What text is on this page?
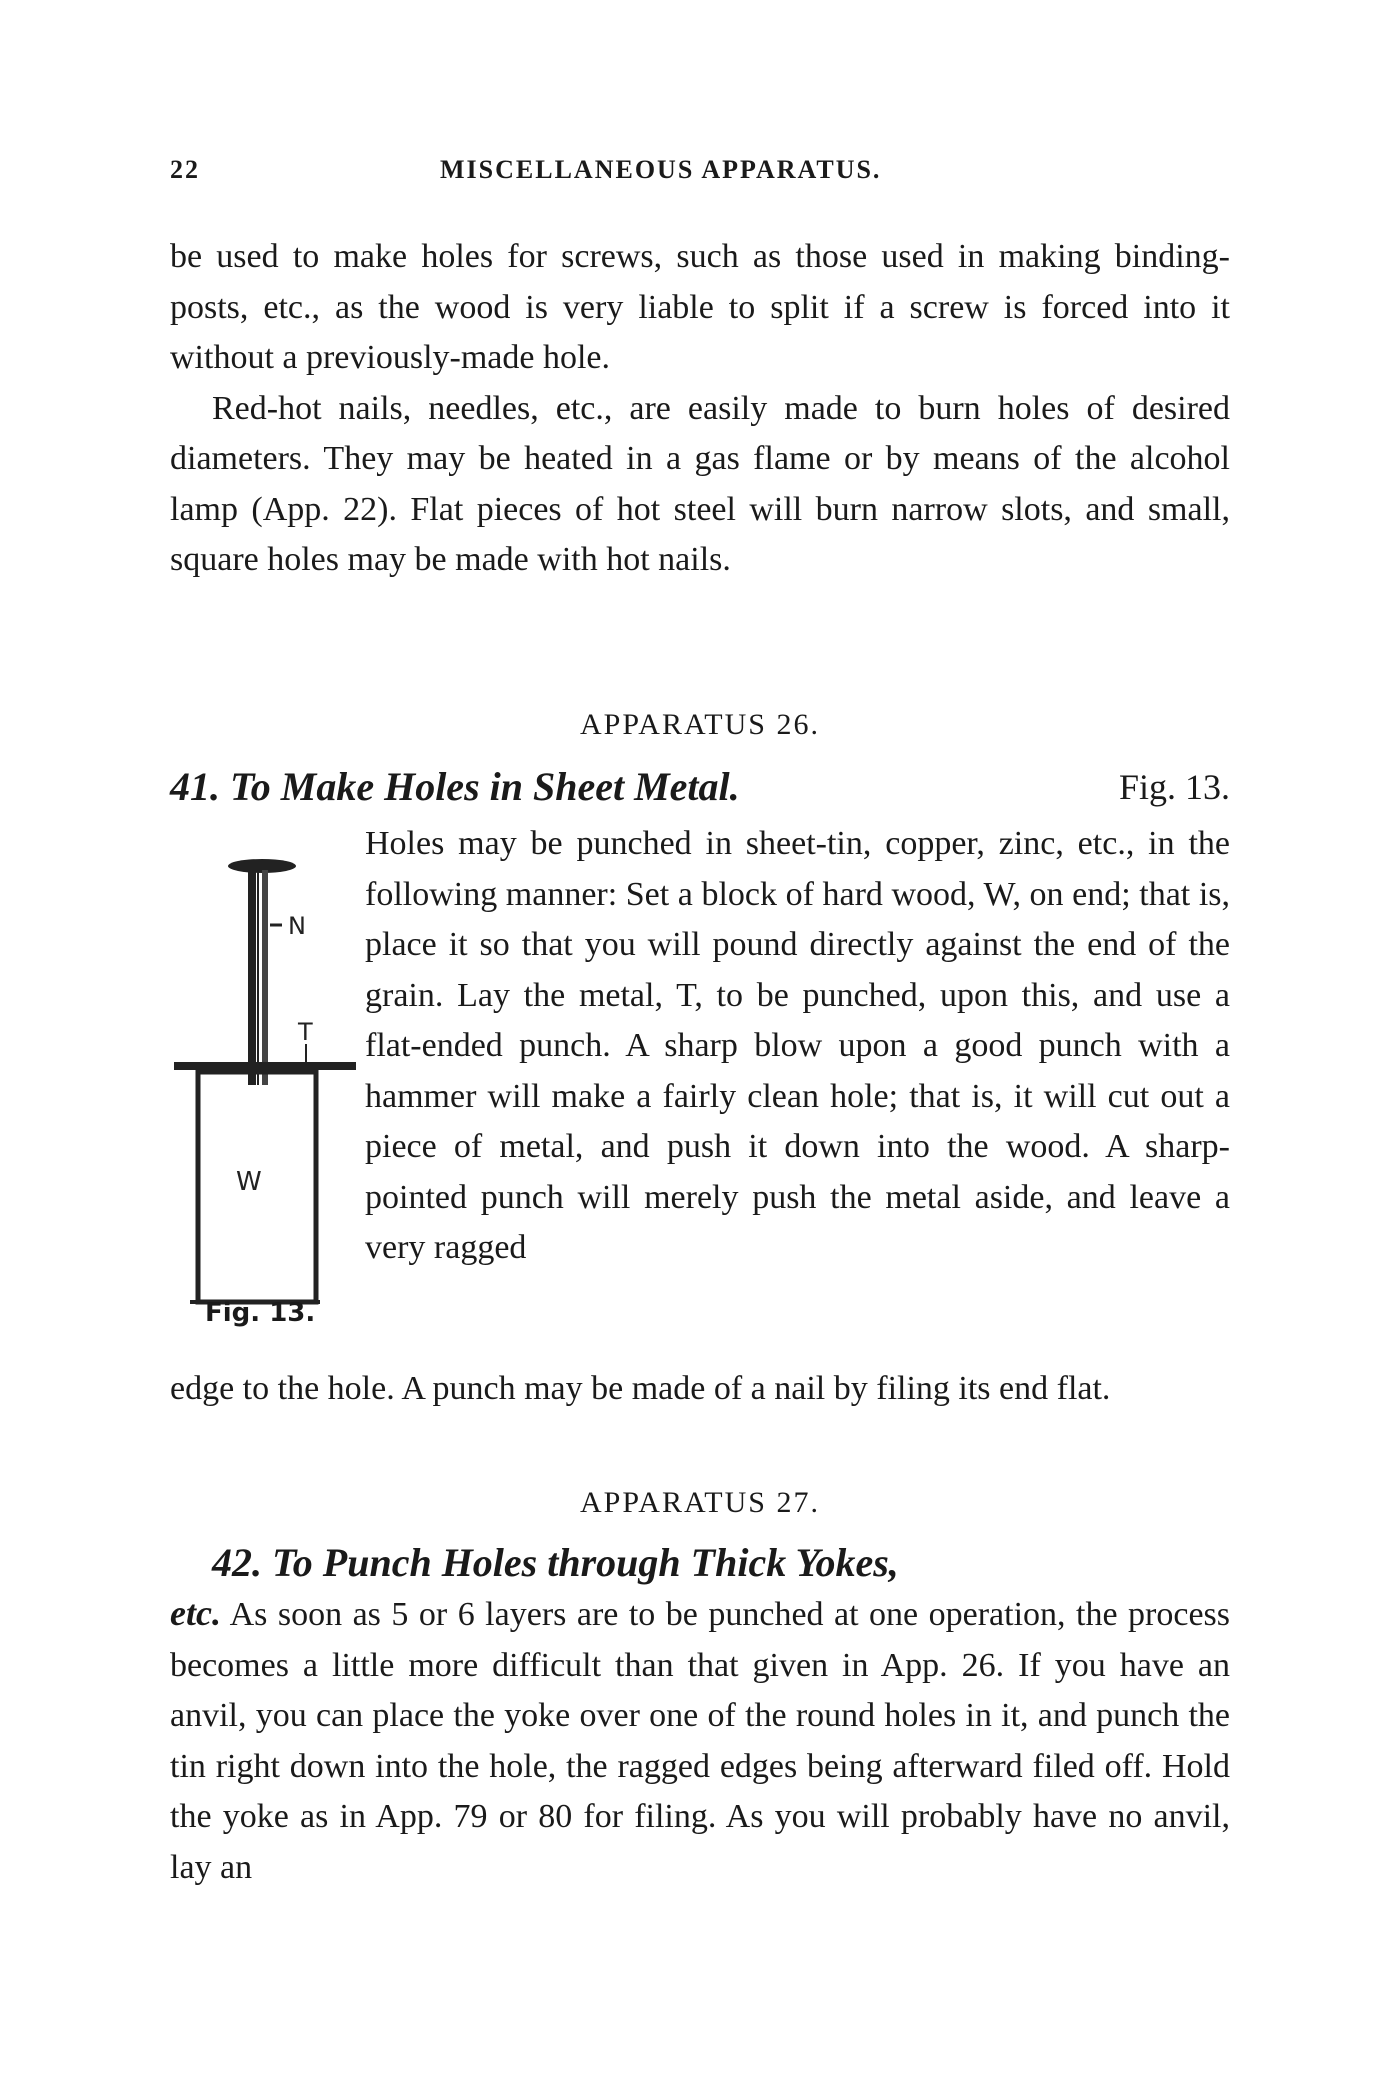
22	MISCELLANEOUS APPARATUS.

be used to make holes for screws, such as those used in making binding-posts, etc., as the wood is very liable to split if a screw is forced into it without a previously-made hole.

Red-hot nails, needles, etc., are easily made to burn holes of desired diameters. They may be heated in a gas flame or by means of the alcohol lamp (App. 22). Flat pieces of hot steel will burn narrow slots, and small, square holes may be made with hot nails.

APPARATUS 26.
41. To Make Holes in Sheet Metal.	Fig. 13.
N
T
W
Fig. 13.

Holes may be punched in sheet-tin, copper, zinc, etc., in the following manner: Set a block of hard wood, W, on end; that is, place it so that you will pound directly against the end of the grain. Lay the metal, T, to be punched, upon this, and use a flat-ended punch. A sharp blow upon a good punch with a hammer will make a fairly clean hole; that is, it will cut out a piece of metal, and push it down into the wood. A sharp-pointed punch will merely push the metal aside, and leave a very ragged

edge to the hole. A punch may be made of a nail by filing its end flat.

APPARATUS 27.
42. To Punch Holes through Thick Yokes,

etc. As soon as 5 or 6 layers are to be punched at one operation, the process becomes a little more difficult than that given in App. 26. If you have an anvil, you can place the yoke over one of the round holes in it, and punch the tin right down into the hole, the ragged edges being afterward filed off. Hold the yoke as in App. 79 or 80 for filing. As you will probably have no anvil, lay an
